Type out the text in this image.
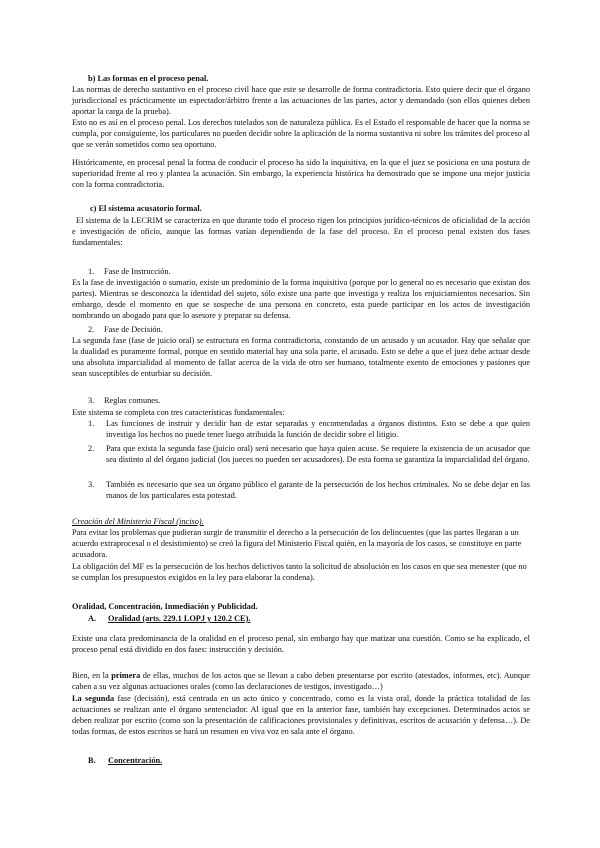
b) Las formas en el proceso penal.

Las normas de derecho sustantivo en el proceso civil hace que este se desarrolle de forma contradictoria. Esto quiere decir que el órgano jurisdiccional es prácticamente un espectador/árbitro frente a las actuaciones de las partes, actor y demandado (son ellos quienes deben aportar la carga de la prueba).

Esto no es así en el proceso penal. Los derechos tutelados son de naturaleza pública. Es el Estado el responsable de hacer que la norma se cumpla, por consiguiente, los particulares no pueden decidir sobre la aplicación de la norma sustantiva ni sobre los trámites del proceso al que se verán sometidos como sea oportuno.

Históricamente, en procesal penal la forma de conducir el proceso ha sido la inquisitiva, en la que el juez se posiciona en una postura de superioridad frente al reo y plantea la acusación. Sin embargo, la experiencia histórica ha demostrado que se impone una mejor justicia con la forma contradictoria.

c) El sistema acusatorio formal.

El sistema de la LECRIM se caracteriza en que durante todo el proceso rigen los principios jurídico-técnicos de oficialidad de la acción e investigación de oficio, aunque las formas varían dependiendo de la fase del proceso. En el proceso penal existen dos fases fundamentales:

1. Fase de Instrucción.

Es la fase de investigación o sumario, existe un predominio de la forma inquisitiva (porque por lo general no es necesario que existan dos partes). Mientras se desconozca la identidad del sujeto, sólo existe una parte que investiga y realiza los enjuiciamientos necesarios. Sin embargo, desde el momento en que se sospeche de una persona en concreto, esta puede participar en los actos de investigación nombrando un abogado para que lo asesore y preparar su defensa.

2. Fase de Decisión.

La segunda fase (fase de juicio oral) se estructura en forma contradictoria, constando de un acusado y un acusador. Hay que señalar que la dualidad es puramente formal, porque en sentido material hay una sola parte, el acusado. Esto se debe a que el juez debe actuar desde una absoluta imparcialidad al momento de fallar acerca de la vida de otro ser humano, totalmente exento de emociones y pasiones que sean susceptibles de enturbiar su decisión.

3. Reglas comunes.

Este sistema se completa con tres características fundamentales:

1. Las funciones de instruir y decidir han de estar separadas y encomendadas a órganos distintos. Esto se debe a que quien investiga los hechos no puede tener luego atribuida la función de decidir sobre el litigio.

2. Para que exista la segunda fase (juicio oral) será necesario que haya quien acuse. Se requiere la existencia de un acusador que sea distinto al del órgano judicial (los jueces no pueden ser acusadores). De esta forma se garantiza la imparcialidad del órgano.

3. También es necesario que sea un órgano público el garante de la persecución de los hechos criminales. No se debe dejar en las manos de los particulares esta potestad.

Creación del Ministerio Fiscal (inciso).

Para evitar los problemas que pudieran surgir de transmitir el derecho a la persecución de los delincuentes (que las partes llegaran a un acuerdo extraprocesal o el desistimiento) se creó la figura del Ministerio Fiscal quién, en la mayoría de los casos, se constituye en parte acusadora.

La obligación del MF es la persecución de los hechos delictivos tanto la solicitud de absolución en los casos en que sea menester (que no se cumplan los presupuestos exigidos en la ley para elaborar la condena).

Oralidad, Concentración, Inmediación y Publicidad.
A. Oralidad (arts. 229.1 LOPJ y 120.2 CE).

Existe una clara predominancia de la oralidad en el proceso penal, sin embargo hay que matizar una cuestión. Como se ha explicado, el proceso penal está dividido en dos fases: instrucción y decisión.

Bien, en la primera de ellas, muchos de los actos que se llevan a cabo deben presentarse por escrito (atestados, informes, etc). Aunque caben a su vez algunas actuaciones orales (como las declaraciones de testigos, investigado…)

La segunda fase (decisión), está centrada en un acto único y concentrado, como es la vista oral, donde la práctica totalidad de las actuaciones se realizan ante el órgano sentenciador. Al igual que en la anterior fase, también hay excepciones. Determinados actos se deben realizar por escrito (como son la presentación de calificaciones provisionales y definitivas, escritos de acusación y defensa…). De todas formas, de estos escritos se hará un resumen en viva voz en sala ante el órgano.

B. Concentración.
